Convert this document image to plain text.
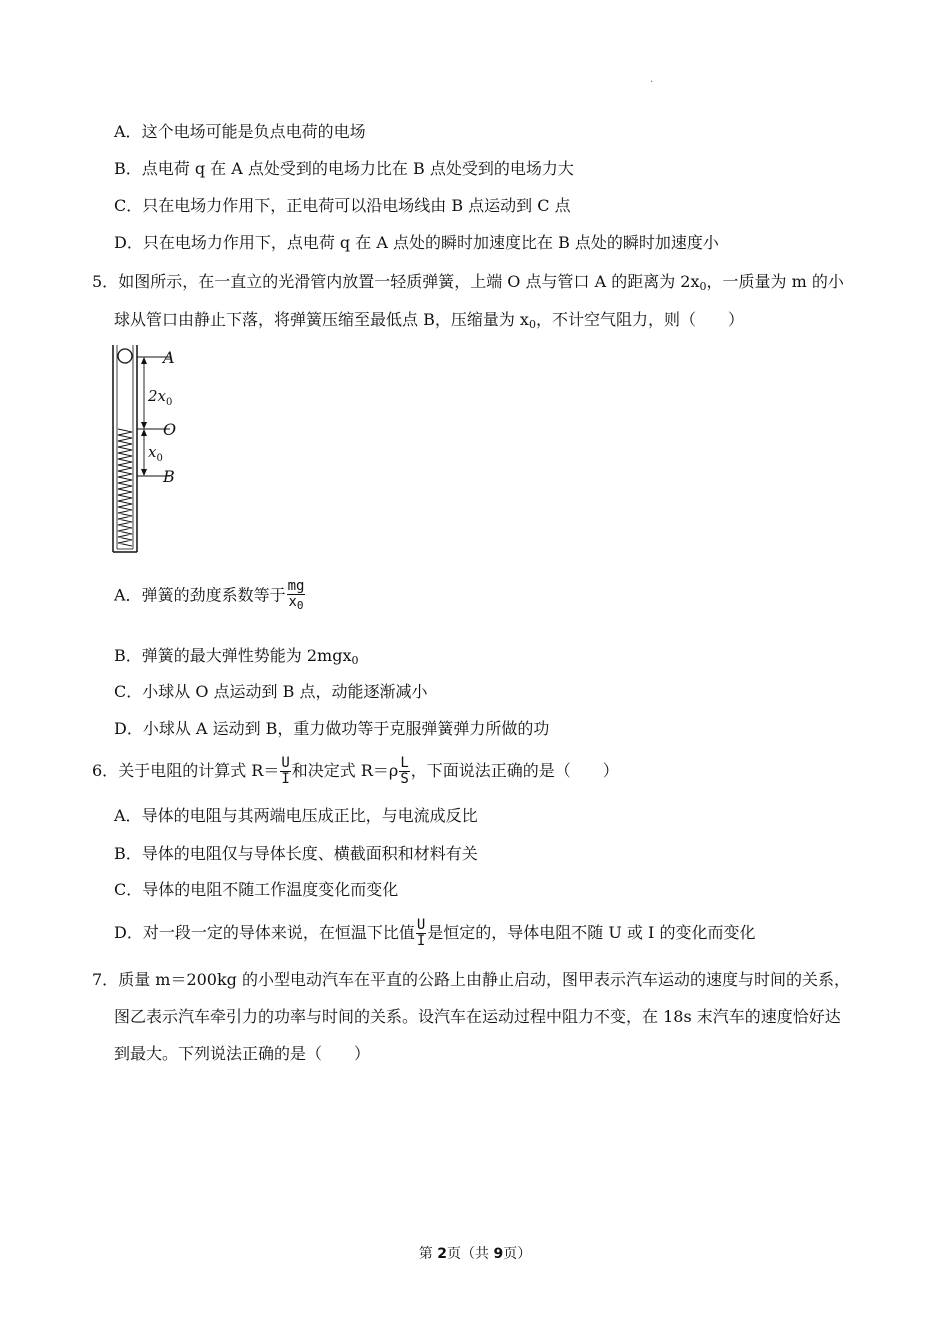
.
A．这个电场可能是负点电荷的电场
B．点电荷 q 在 A 点处受到的电场力比在 B 点处受到的电场力大
C．只在电场力作用下，正电荷可以沿电场线由 B 点运动到 C 点
D．只在电场力作用下，点电荷 q 在 A 点处的瞬时加速度比在 B 点处的瞬时加速度小
5．如图所示，在一直立的光滑管内放置一轻质弹簧，上端 O 点与管口 A 的距离为 $2x_0$，一质量为 m 的小
球从管口由静止下落，将弹簧压缩至最低点 B，压缩量为 $x_0$，不计空气阻力，则（　　）
A
O
B
$2x_0$
$x_0$
A．弹簧的劲度系数等于 $\frac{mg}{x_0}$
B．弹簧的最大弹性势能为 2mgx$_0$
C．小球从 O 点运动到 B 点，动能逐渐减小
D．小球从 A 运动到 B，重力做功等于克服弹簧弹力所做的功
6．关于电阻的计算式 $R= \frac{U}{I}$ 和决定式 $R=\rho \frac{L}{S}$ ，下面说法正确的是（　　）
A．导体的电阻与其两端电压成正比，与电流成反比
B．导体的电阻仅与导体长度、横截面积和材料有关
C．导体的电阻不随工作温度变化而变化
D．对一段一定的导体来说，在恒温下比值 $\frac{U}{I}$ 是恒定的，导体电阻不随 U 或 I 的变化而变化
7．质量 m＝200kg 的小型电动汽车在平直的公路上由静止启动，图甲表示汽车运动的速度与时间的关系，
图乙表示汽车牵引力的功率与时间的关系。设汽车在运动过程中阻力不变，在 18s 末汽车的速度恰好达
到最大。下列说法正确的是（　　）
第 2页（共 9页）
